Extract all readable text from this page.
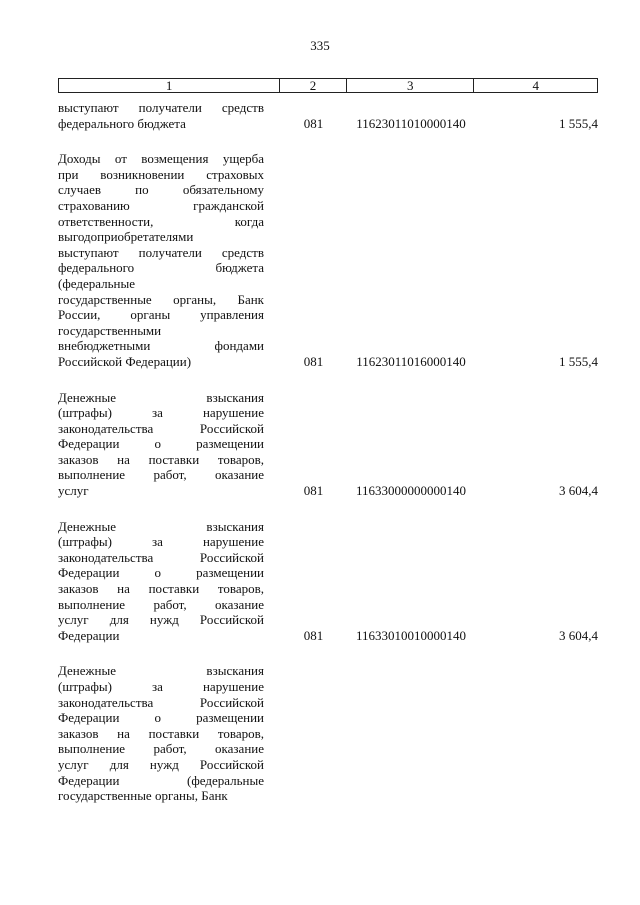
335
1	2	3	4
выступают получатели средств
федерального бюджета	081	11623011010000140	1 555,4
Доходы от возмещения ущерба
при возникновении страховых
случаев по обязательному
страхованию гражданской
ответственности, когда
выгодоприобретателями
выступают получатели средств
федерального бюджета
(федеральные
государственные органы, Банк
России, органы управления
государственными
внебюджетными фондами
Российской Федерации)	081	11623011016000140	1 555,4
Денежные взыскания
(штрафы) за нарушение
законодательства Российской
Федерации о размещении
заказов на поставки товаров,
выполнение работ, оказание
услуг	081	11633000000000140	3 604,4
Денежные взыскания
(штрафы) за нарушение
законодательства Российской
Федерации о размещении
заказов на поставки товаров,
выполнение работ, оказание
услуг для нужд Российской
Федерации	081	11633010010000140	3 604,4
Денежные взыскания
(штрафы) за нарушение
законодательства Российской
Федерации о размещении
заказов на поставки товаров,
выполнение работ, оказание
услуг для нужд Российской
Федерации (федеральные
государственные органы, Банк
